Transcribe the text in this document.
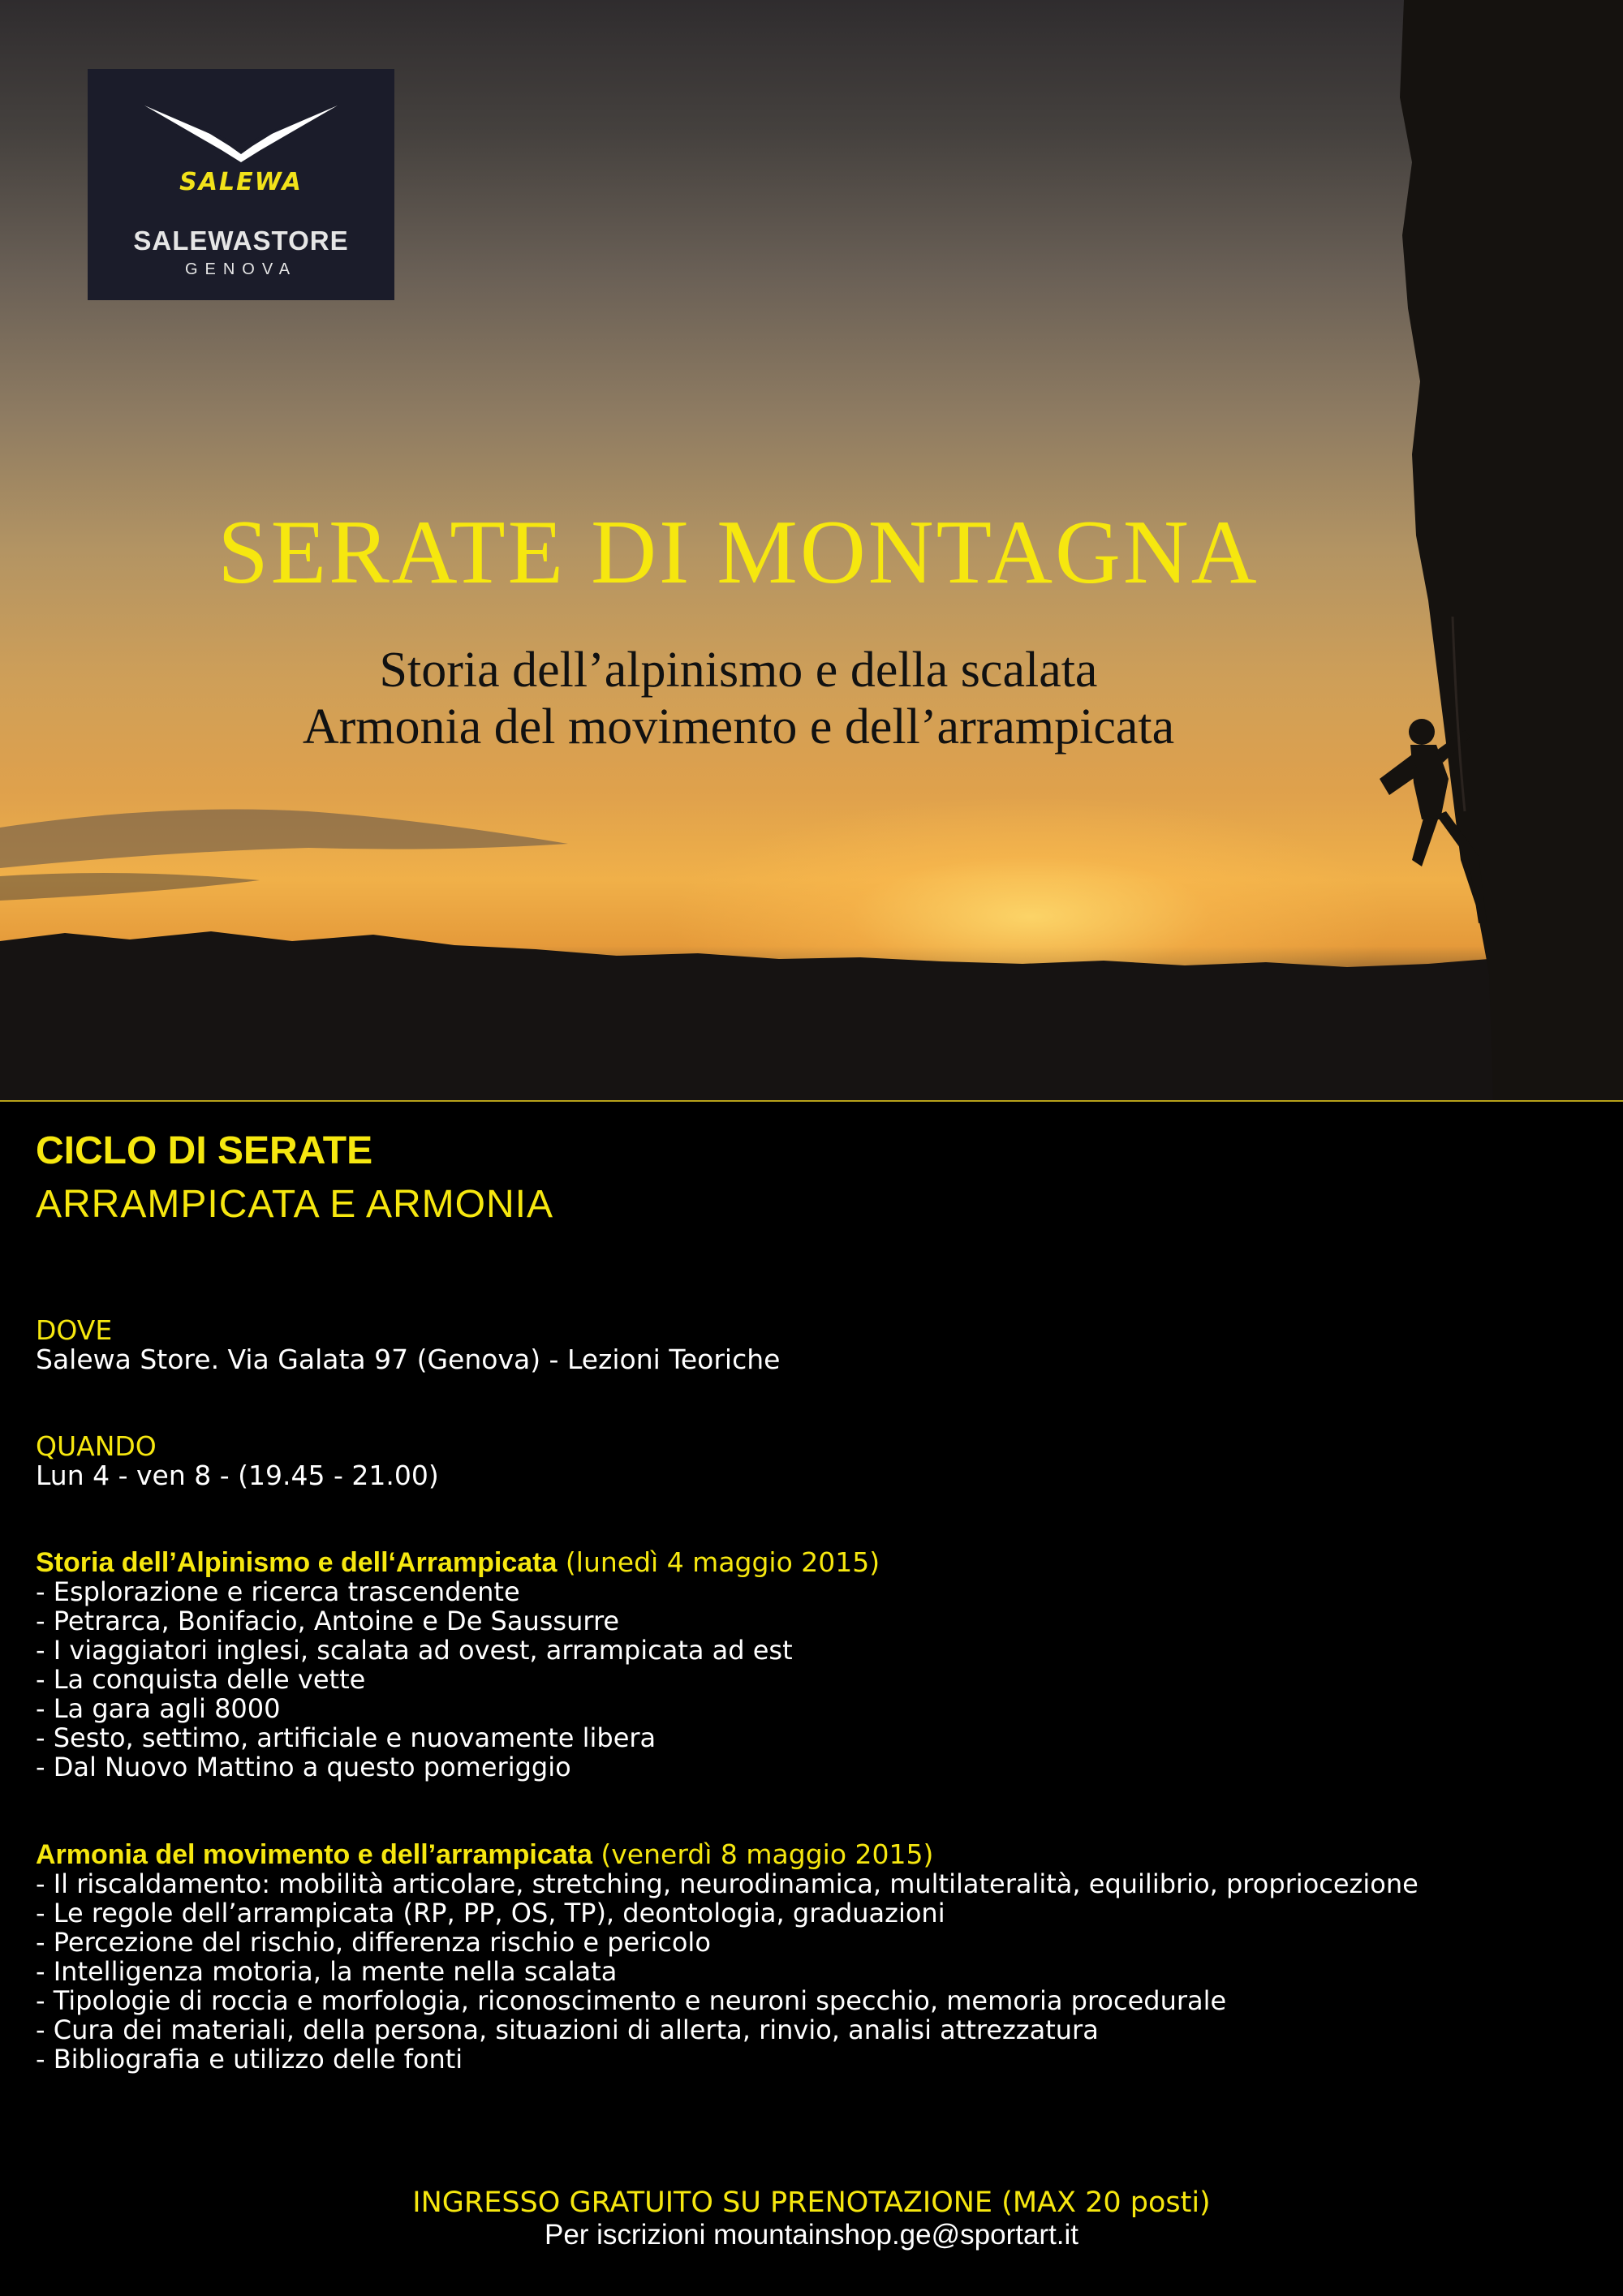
SALEWA
SALEWASTORE
GENOVA
SERATE DI MONTAGNA
Storia dell’alpinismo e della scalata
Armonia del movimento e dell’arrampicata
CICLO DI SERATE
ARRAMPICATA E ARMONIA
DOVE
Salewa Store. Via Galata 97 (Genova) - Lezioni Teoriche
QUANDO
Lun 4 - ven 8 - (19.45 - 21.00)
Storia dell’Alpinismo e dell‘Arrampicata (lunedì 4 maggio 2015)
- Esplorazione e ricerca trascendente
- Petrarca, Bonifacio, Antoine e De Saussurre
- I viaggiatori inglesi, scalata ad ovest, arrampicata ad est
- La conquista delle vette
- La gara agli 8000
- Sesto, settimo, artificiale e nuovamente libera
- Dal Nuovo Mattino a questo pomeriggio
Armonia del movimento e dell’arrampicata (venerdì 8 maggio 2015)
- Il riscaldamento: mobilità articolare, stretching, neurodinamica, multilateralità, equilibrio, propriocezione
- Le regole dell’arrampicata (RP, PP, OS, TP), deontologia, graduazioni
- Percezione del rischio, differenza rischio e pericolo
- Intelligenza motoria, la mente nella scalata
- Tipologie di roccia e morfologia, riconoscimento e neuroni specchio, memoria procedurale
- Cura dei materiali, della persona, situazioni di allerta, rinvio, analisi attrezzatura
- Bibliografia e utilizzo delle fonti
INGRESSO GRATUITO SU PRENOTAZIONE (MAX 20 posti)
Per iscrizioni mountainshop.ge@sportart.it
